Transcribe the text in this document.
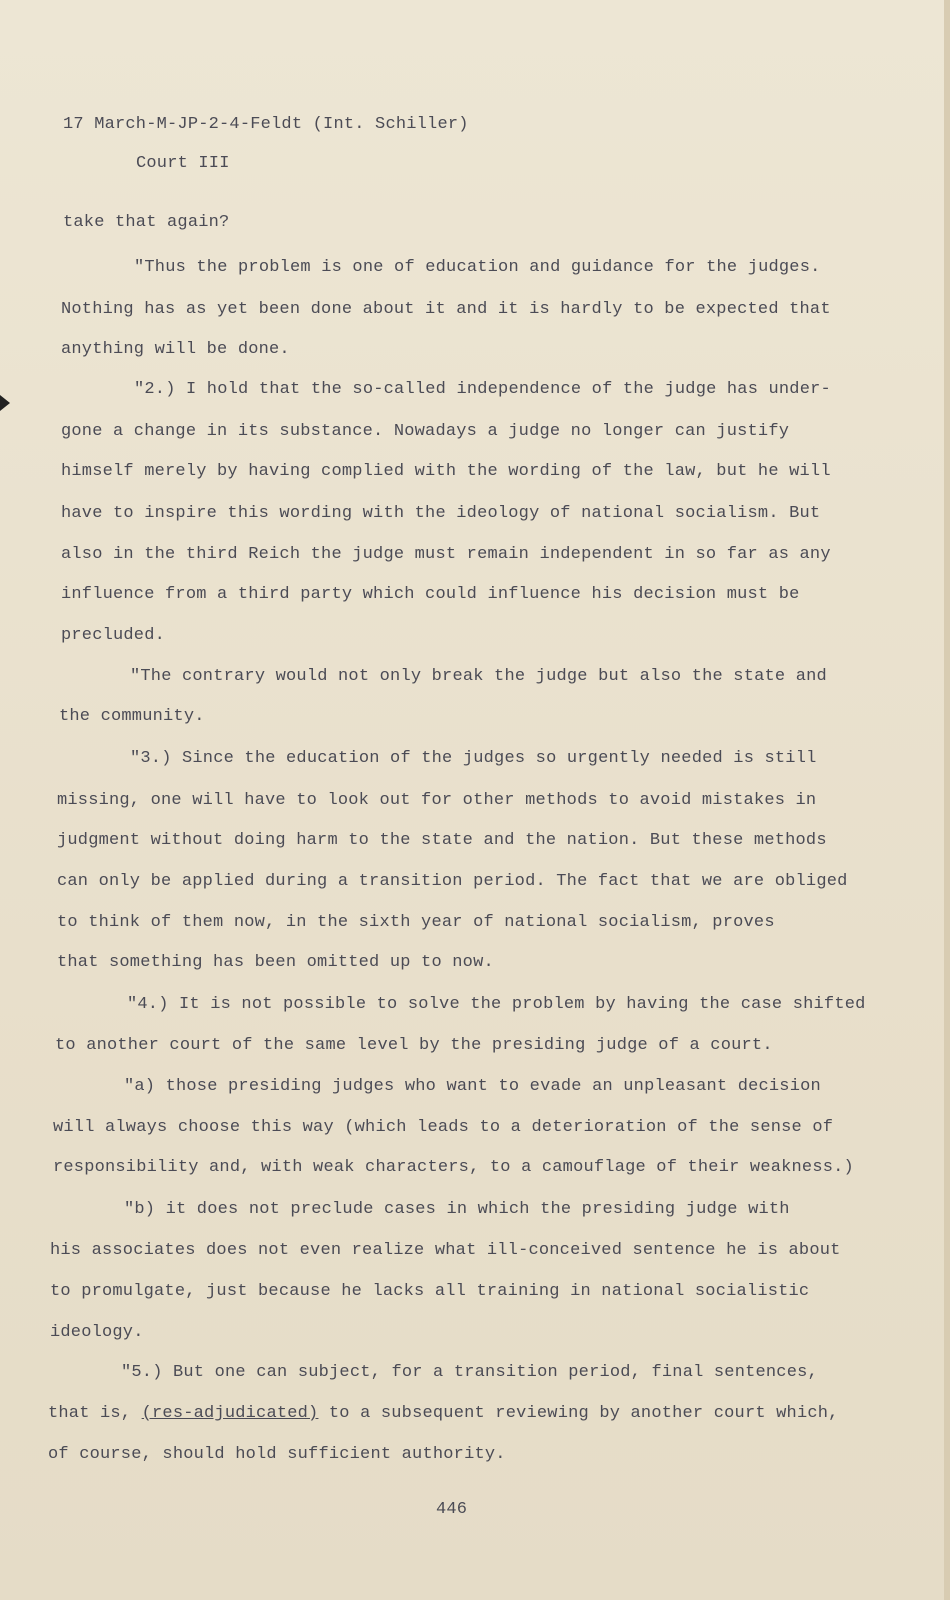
17 March-M-JP-2-4-Feldt (Int. Schiller)
Court III
take that again?
"Thus the problem is one of education and guidance for the judges.
Nothing has as yet been done about it and it is hardly to be expected that
anything will be done.
"2.) I hold that the so-called independence of the judge has under-
gone a change in its substance. Nowadays a judge no longer can justify
himself merely by having complied with the wording of the law, but he will
have to inspire this wording with the ideology of national socialism. But
also in the third Reich the judge must remain independent in so far as any
influence from a third party which could influence his decision must be
precluded.
"The contrary would not only break the judge but also the state and
the community.
"3.) Since the education of the judges so urgently needed is still
missing, one will have to look out for other methods to avoid mistakes in
judgment without doing harm to the state and the nation. But these methods
can only be applied during a transition period. The fact that we are obliged
to think of them now, in the sixth year of national socialism, proves
that something has been omitted up to now.
"4.) It is not possible to solve the problem by having the case shifted
to another court of the same level by the presiding judge of a court.
"a) those presiding judges who want to evade an unpleasant decision
will always choose this way (which leads to a deterioration of the sense of
responsibility and, with weak characters, to a camouflage of their weakness.)
"b) it does not preclude cases in which the presiding judge with
his associates does not even realize what ill-conceived sentence he is about
to promulgate, just because he lacks all training in national socialistic
ideology.
"5.) But one can subject, for a transition period, final sentences,
that is, (res-adjudicated) to a subsequent reviewing by another court which,
of course, should hold sufficient authority.
446
